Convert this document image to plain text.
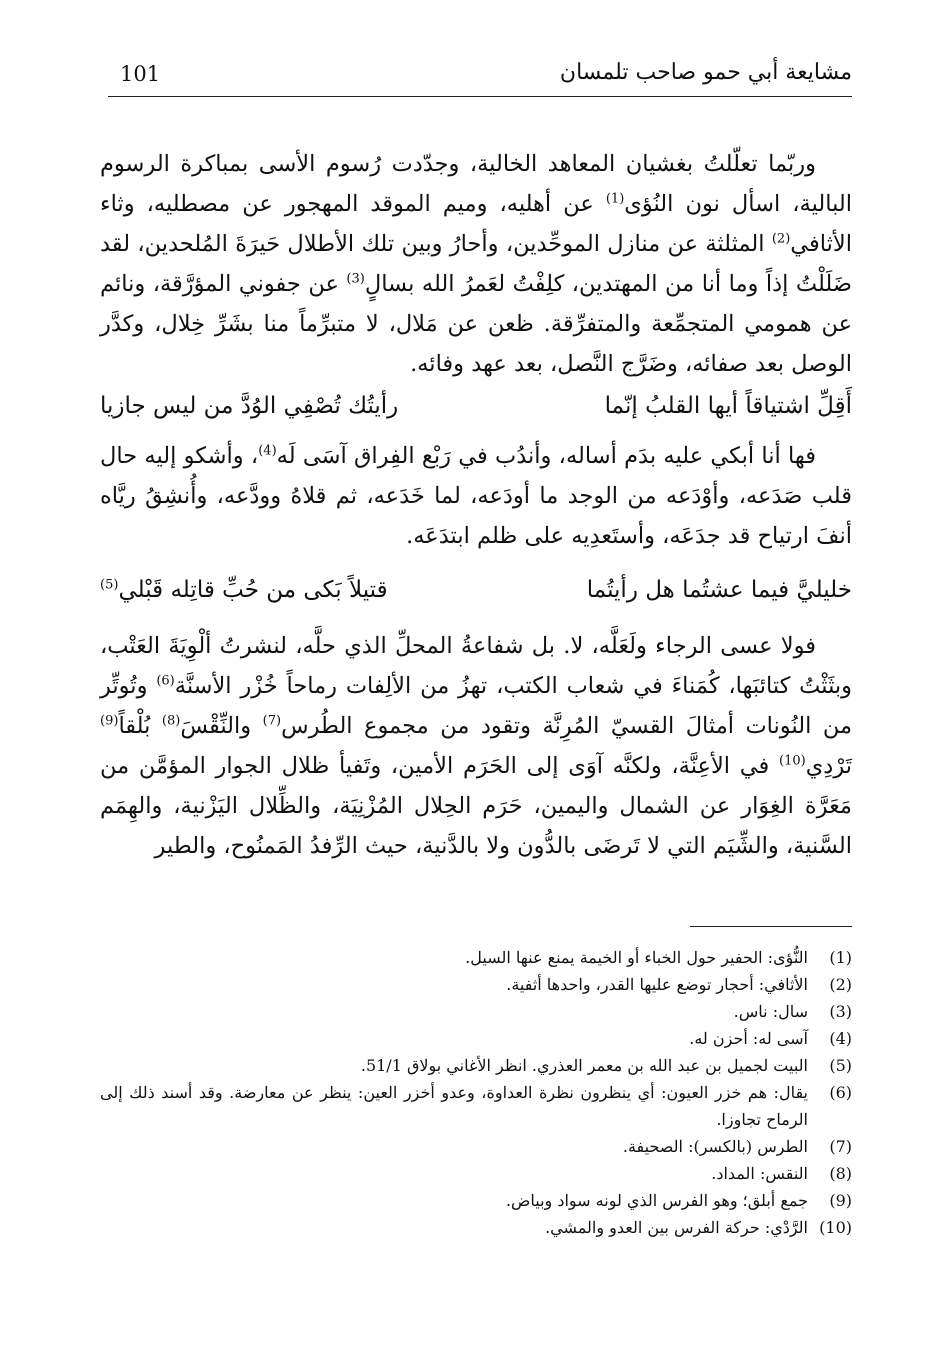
101	مشايعة أبي حمو صاحب تلمسان

وربّما تعلّلتُ بغشيان المعاهد الخالية، وجدّدت رُسوم الأسى بمباكرة الرسوم البالية، اسأل نون النُؤى$^{(1)}$ عن أهليه، وميم الموقد المهجور عن مصطليه، وثاء الأثافي$^{(2)}$ المثلثة عن منازل الموحِّدين، وأحارُ وبين تلك الأطلال حَيرَةَ المُلحدين، لقد ضَلَلْتُ إذاً وما أنا من المهتدين، كلِفْتُ لعَمرُ الله بسالٍ$^{(3)}$ عن جفوني المؤرَّقة، ونائم عن همومي المتجمِّعة والمتفرِّقة. ظعن عن مَلال، لا متبرِّماً منا بشَرِّ خِلال، وكدَّر الوصل بعد صفائه، وضَرَّج النَّصل، بعد عهد وفائه.

أَقِلِّ اشتياقاً أيها القلبُ إنّما
رأيتُك تُصْفِي الوُدَّ من ليس جازيا

فها أنا أبكي عليه بدَم أساله، وأندُب في رَبْع الفِراق آسَى لَه$^{(4)}$، وأشكو إليه حال قلب صَدَعه، وأوْدَعه من الوجد ما أودَعه، لما خَدَعه، ثم قلاهُ وودَّعه، وأُنشِقُ ريَّاه أنفَ ارتياح قد جدَعَه، وأستَعدِيه على ظلم ابتدَعَه.

خليليَّ فيما عشتُما هل رأيتُما
قتيلاً بَكى من حُبِّ قاتِله قَبْلي$^{(5)}$

فولا عسى الرجاء ولَعَلَّه، لا. بل شفاعةُ المحلِّ الذي حلَّه، لنشرتُ ألْوِيَةَ العَتْب، وبثَثْتُ كتائبَها، كُمَناءَ في شعاب الكتب، تهزُ من الألِفات رماحاً خُزْر الأسنَّة$^{(6)}$ وتُوتِّر من النُونات أمثالَ القسيّ المُرِنَّة وتقود من مجموع الطُرس$^{(7)}$ والنِّقْسَ$^{(8)}$ بُلْقاً$^{(9)}$ تَرْدِي$^{(10)}$ في الأعِنَّة، ولكنَّه آوَى إلى الحَرَم الأمين، وتَفيأ ظلال الجوار المؤمَّن من مَعَرَّة الغِوَار عن الشمال واليمين، حَرَم الحِلال المُزْنِيَة، والظِّلال اليَزْنية، والهِمَم السَّنية، والشِّيَم التي لا تَرضَى بالدُّون ولا بالدَّنية، حيث الرِّفدُ المَمنُوح، والطير

(1)
النُّؤى: الحفير حول الخباء أو الخيمة يمنع عنها السيل.
(2)
الأثافي: أحجار توضع عليها القدر، واحدها أثفية.
(3)
سال: ناس.
(4)
آسى له: أحزن له.
(5)
البيت لجميل بن عبد الله بن معمر العذري. انظر الأغاني بولاق 51/1.
(6)
يقال: هم خزر العيون: أي ينظرون نظرة العداوة، وعدو أخزر العين: ينظر عن معارضة. وقد أسند ذلك إلى الرماح تجاوزا.
(7)
الطرس (بالكسر): الصحيفة.
(8)
النقس: المداد.
(9)
جمع أبلق؛ وهو الفرس الذي لونه سواد وبياض.
(10)
الرَّدْي: حركة الفرس بين العدو والمشي.
